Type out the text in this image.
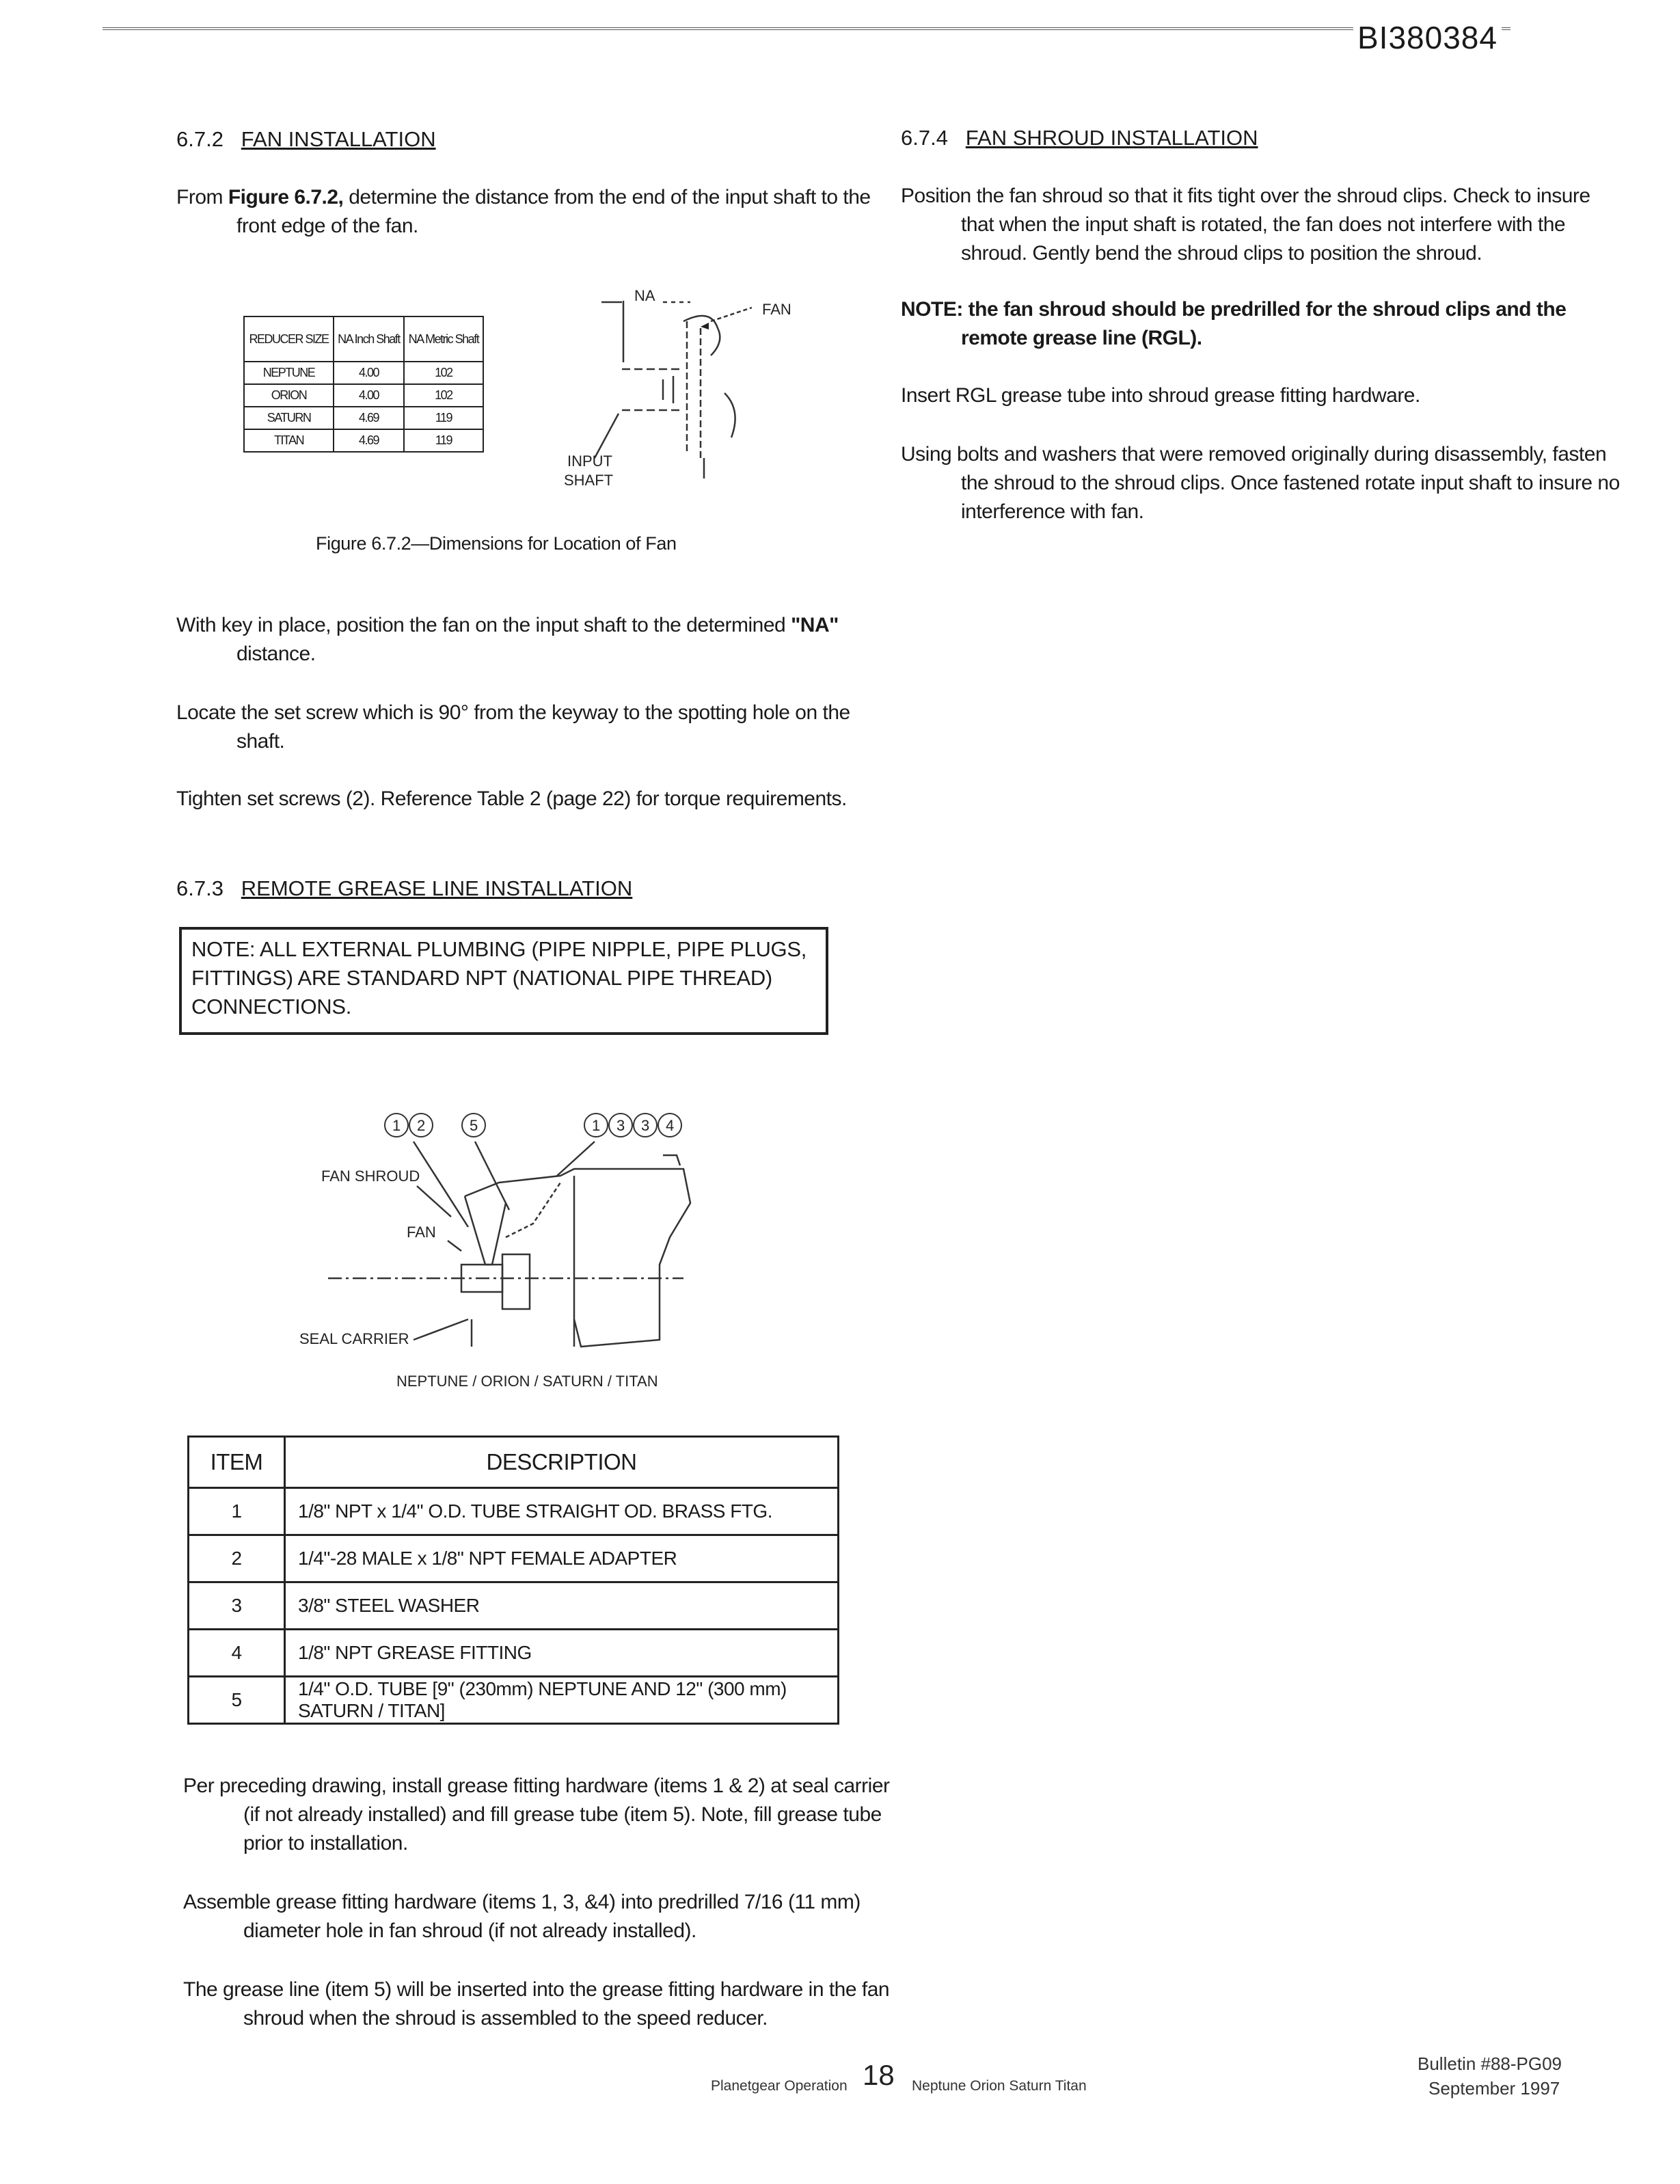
BI380384
6.7.2 FAN INSTALLATION
From Figure 6.7.2, determine the distance from the end of the input shaft to the front edge of the fan.
REDUCER SIZE	NA Inch Shaft	NA Metric Shaft
NEPTUNE	4.00	102
ORION	4.00	102
SATURN	4.69	119
TITAN	4.69	119
NA
FAN
INPUT
SHAFT
Figure 6.7.2—Dimensions for Location of Fan
With key in place, position the fan on the input shaft to the determined "NA" distance.
Locate the set screw which is 90° from the keyway to the spotting hole on the shaft.
Tighten set screws (2). Reference Table 2 (page 22) for torque requirements.
6.7.3 REMOTE GREASE LINE INSTALLATION
NOTE: ALL EXTERNAL PLUMBING (PIPE NIPPLE, PIPE PLUGS, FITTINGS) ARE STANDARD NPT (NATIONAL PIPE THREAD) CONNECTIONS.
1 2	5	1 3 3 4
FAN SHROUD
FAN
SEAL CARRIER
NEPTUNE / ORION / SATURN / TITAN
ITEM	DESCRIPTION
1	1/8" NPT x 1/4" O.D. TUBE STRAIGHT OD. BRASS FTG.
2	1/4"-28 MALE x 1/8" NPT FEMALE ADAPTER
3	3/8" STEEL WASHER
4	1/8" NPT GREASE FITTING
5	1/4" O.D. TUBE [9" (230mm) NEPTUNE AND 12" (300 mm) SATURN / TITAN]
Per preceding drawing, install grease fitting hardware (items 1 & 2) at seal carrier (if not already installed) and fill grease tube (item 5). Note, fill grease tube prior to installation.
Assemble grease fitting hardware (items 1, 3, &4) into predrilled 7/16 (11 mm) diameter hole in fan shroud (if not already installed).
The grease line (item 5) will be inserted into the grease fitting hardware in the fan shroud when the shroud is assembled to the speed reducer.
6.7.4 FAN SHROUD INSTALLATION
Position the fan shroud so that it fits tight over the shroud clips. Check to insure that when the input shaft is rotated, the fan does not interfere with the shroud. Gently bend the shroud clips to position the shroud.
NOTE: the fan shroud should be predrilled for the shroud clips and the remote grease line (RGL).
Insert RGL grease tube into shroud grease fitting hardware.
Using bolts and washers that were removed originally during disassembly, fasten the shroud to the shroud clips. Once fastened rotate input shaft to insure no interference with fan.
Planetgear Operation 18 Neptune Orion Saturn Titan
Bulletin #88-PG09
September 1997
